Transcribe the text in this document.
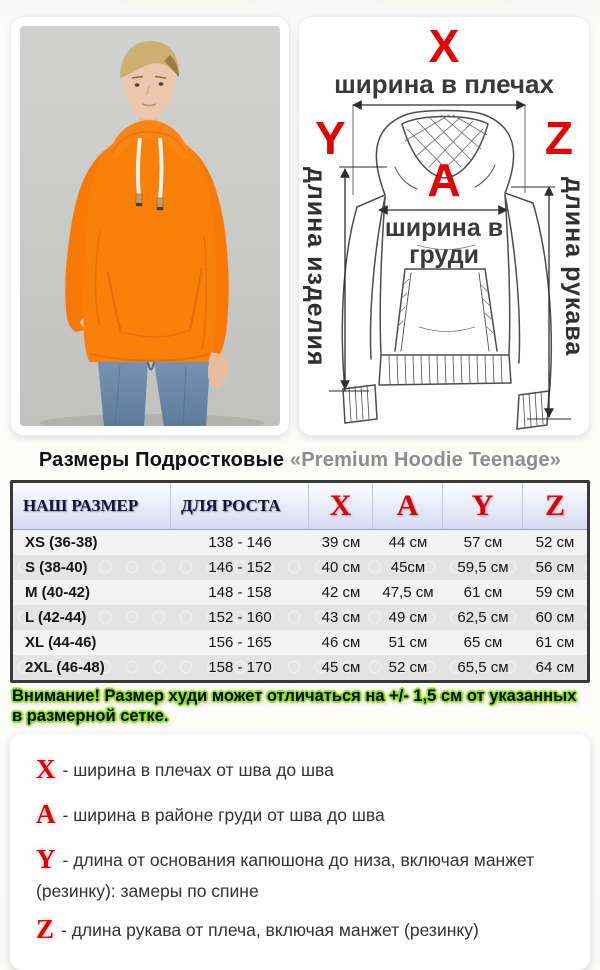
X
ширина в плечах
Y	Z
A
ширина в груди
длина изделия	длина рукава
Размеры Подростковые «Premium Hoodie Teenage»
НАШ РАЗМЕР	ДЛЯ РОСТА	X	A	Y	Z
XS (36-38)	138 - 146	39 см	44 см	57 см	52 см
S (38-40)	146 - 152	40 см	45см	59,5 см	56 см
M (40-42)	148 - 158	42 см	47,5 см	61 см	59 см
L (42-44)	152 - 160	43 см	49 см	62,5 см	60 см
XL (44-46)	156 - 165	46 см	51 см	65 см	61 см
2XL (46-48)	158 - 170	45 см	52 см	65,5 см	64 см
Внимание! Размер худи может отличаться на +/- 1,5 см от указанных в размерной сетке.

X - ширина в плечах от шва до шва

A - ширина в районе груди от шва до шва

Y - длина от основания капюшона до низа, включая манжет (резинку): замеры по спине

Z - длина рукава от плеча, включая манжет (резинку)
